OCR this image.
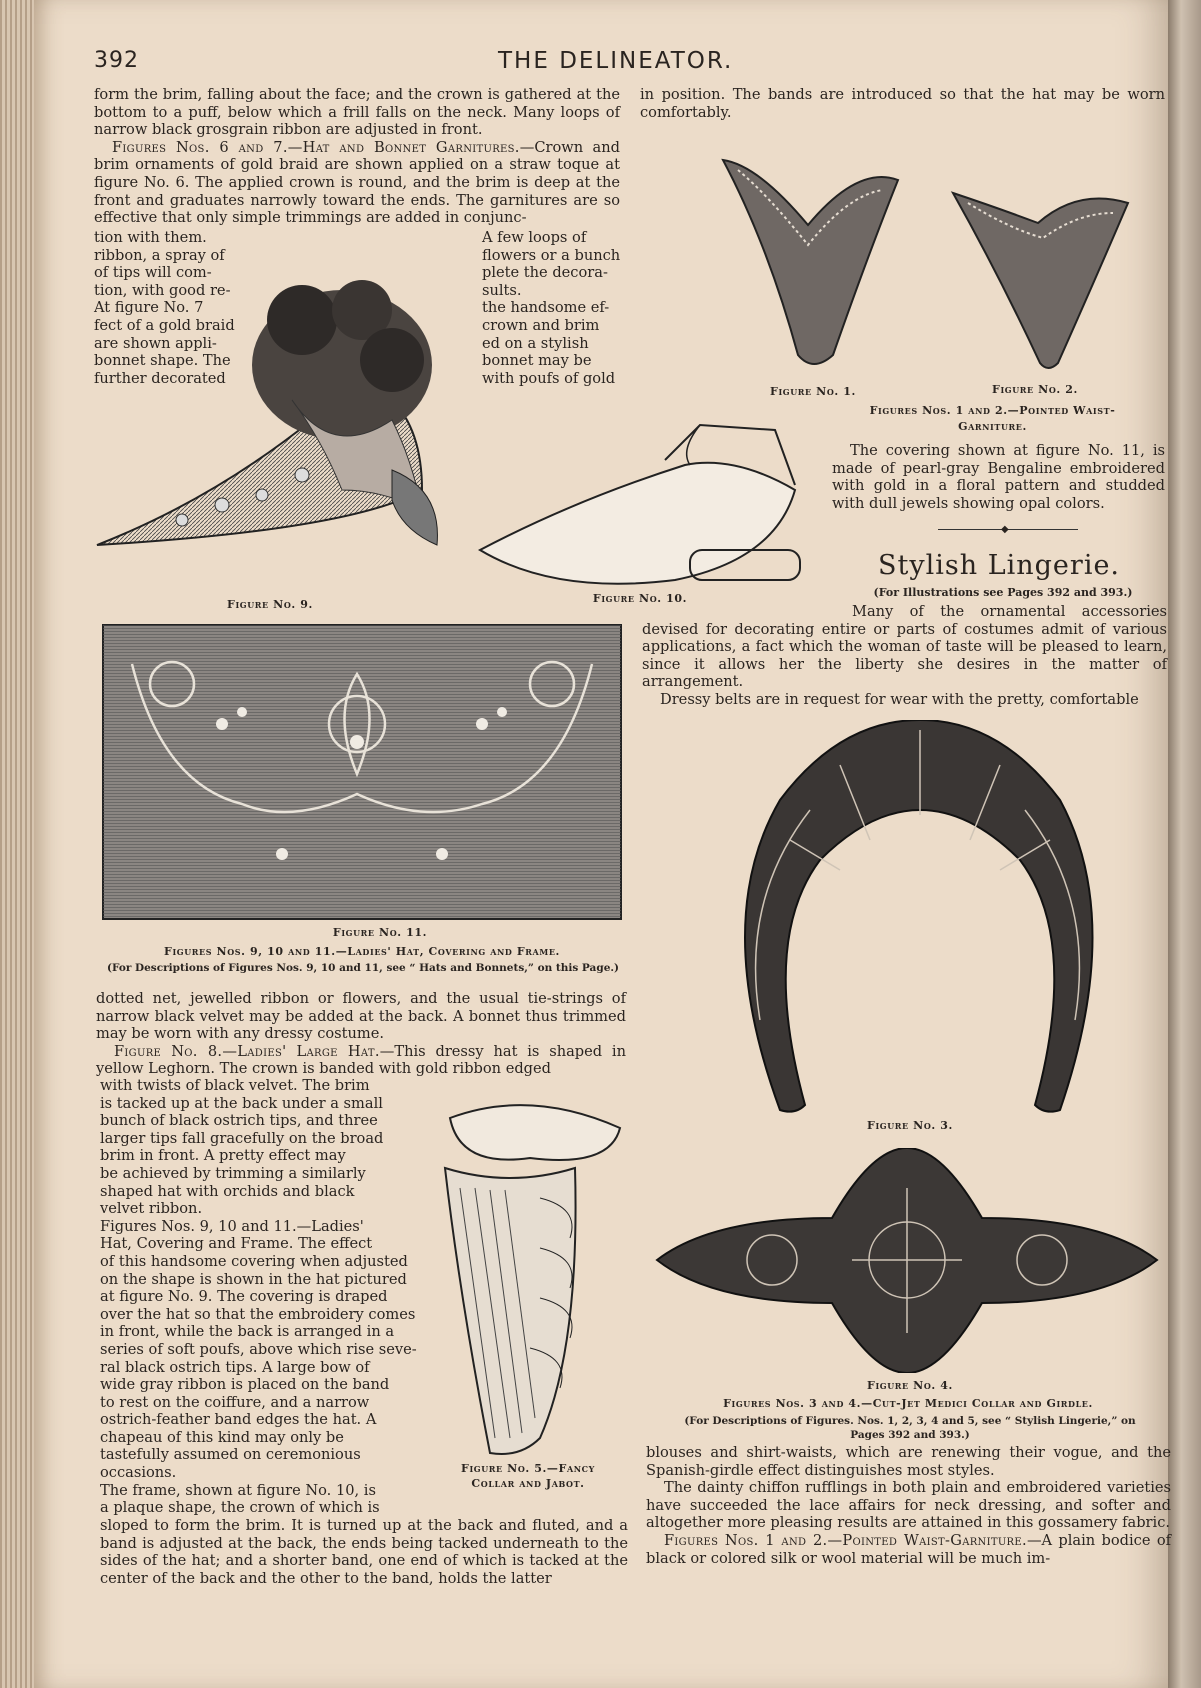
392	THE DELINEATOR.

form the brim, falling about the face; and the crown is gathered at the bottom to a puff, below which a frill falls on the neck. Many loops of narrow black grosgrain ribbon are adjusted in front.

Figures Nos. 6 and 7.—Hat and Bonnet Garnitures.—Crown and brim ornaments of gold braid are shown applied on a straw toque at figure No. 6. The applied crown is round, and the brim is deep at the front and graduates narrowly toward the ends. The garnitures are so effective that only simple trimmings are added in conjunc-

tion with them.
ribbon, a spray of
of tips will com-
tion, with good re-
At figure No. 7
fect of a gold braid
are shown appli-
bonnet shape. The
further decorated
A few loops of
flowers or a bunch
plete the decora-
sults.
the handsome ef-
crown and brim
ed on a stylish
bonnet may be
with poufs of gold
Figure No. 9.	Figure No. 10.
Figure No. 11.
Figures Nos. 9, 10 and 11.—Ladies' Hat, Covering and Frame.
(For Descriptions of Figures Nos. 9, 10 and 11, see “ Hats and Bonnets,” on this Page.)

dotted net, jewelled ribbon or flowers, and the usual tie-strings of narrow black velvet may be added at the back. A bonnet thus trimmed may be worn with any dressy costume.

Figure No. 8.—Ladies' Large Hat.—This dressy hat is shaped in yellow Leghorn. The crown is banded with gold ribbon edged

with twists of black velvet. The brim
is tacked up at the back under a small
bunch of black ostrich tips, and three
larger tips fall gracefully on the broad
brim in front. A pretty effect may
be achieved by trimming a similarly
shaped hat with orchids and black
velvet ribbon.
Figures Nos. 9, 10 and 11.—Ladies'
Hat, Covering and Frame. The effect
of this handsome covering when adjusted
on the shape is shown in the hat pictured
at figure No. 9. The covering is draped
over the hat so that the embroidery comes
in front, while the back is arranged in a
series of soft poufs, above which rise seve-
ral black ostrich tips. A large bow of
wide gray ribbon is placed on the band
to rest on the coiffure, and a narrow
ostrich-feather band edges the hat. A
chapeau of this kind may only be
tastefully assumed on ceremonious
occasions.
The frame, shown at figure No. 10, is
a plaque shape, the crown of which is

sloped to form the brim. It is turned up at the back and fluted, and a band is adjusted at the back, the ends being tacked underneath to the sides of the hat; and a shorter band, one end of which is tacked at the center of the back and the other to the band, holds the latter

Figure No. 5.—Fancy
Collar and Jabot.

in position. The bands are introduced so that the hat may be worn comfortably.

Figure No. 1.	Figure No. 2.
Figures Nos. 1 and 2.—Pointed Waist-
Garniture.

The covering shown at figure No. 11, is made of pearl-gray Bengaline embroidered with gold in a floral pattern and studded with dull jewels showing opal colors.

◆
Stylish Lingerie.
(For Illustrations see Pages 392 and 393.)

Many of the ornamental accessories devised for decorating entire or parts of costumes admit of various applications, a fact which the woman of taste will be pleased to learn, since it allows her the liberty she desires in the matter of arrangement.

Dressy belts are in request for wear with the pretty, comfortable

Figure No. 3.
Figure No. 4.
Figures Nos. 3 and 4.—Cut-Jet Medici Collar and Girdle.
(For Descriptions of Figures. Nos. 1, 2, 3, 4 and 5, see “ Stylish Lingerie,” on
Pages 392 and 393.)

blouses and shirt-waists, which are renewing their vogue, and the Spanish-girdle effect distinguishes most styles.

The dainty chiffon rufflings in both plain and embroidered varieties have succeeded the lace affairs for neck dressing, and softer and altogether more pleasing results are attained in this gossamery fabric.

Figures Nos. 1 and 2.—Pointed Waist-Garniture.—A plain bodice of black or colored silk or wool material will be much im-
